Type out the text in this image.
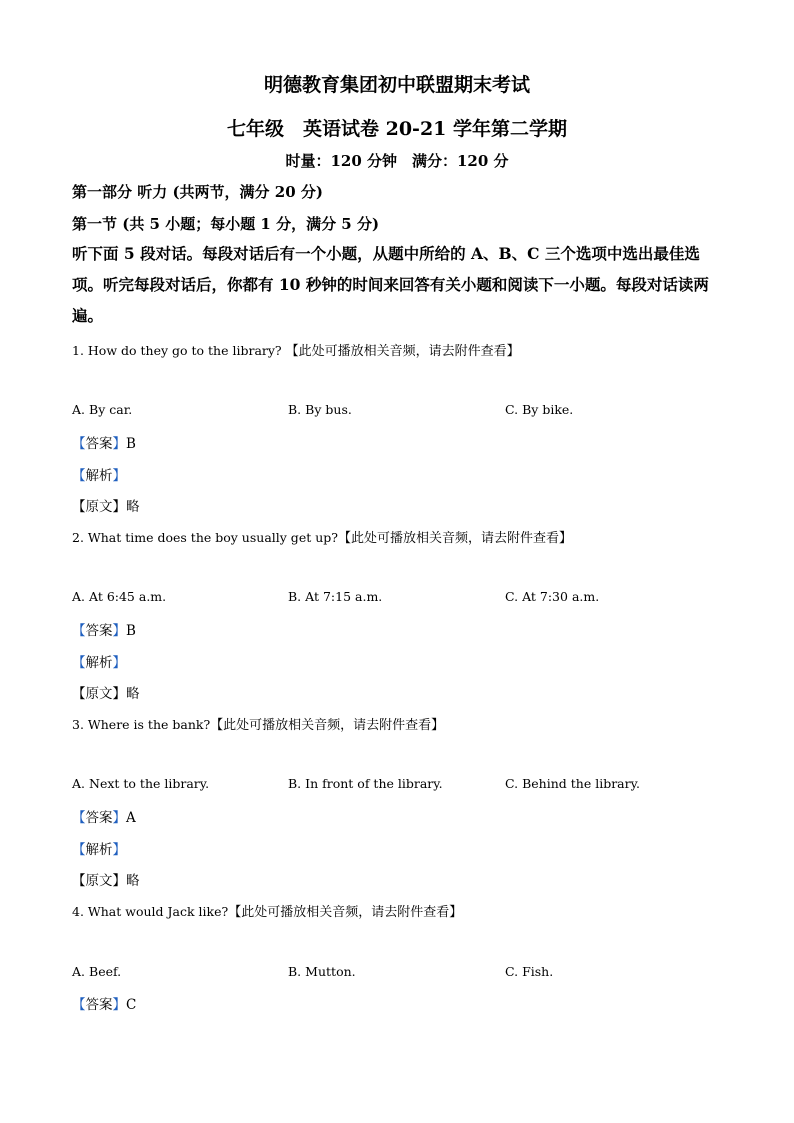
明德教育集团初中联盟期末考试
七年级　英语试卷 20-21 学年第二学期
时量：120 分钟　满分：120 分
第一部分 听力 (共两节，满分 20 分)
第一节 (共 5 小题；每小题 1 分，满分 5 分)
听下面 5 段对话。每段对话后有一个小题，从题中所给的 A、B、C 三个选项中选出最佳选项。听完每段对话后，你都有 10 秒钟的时间来回答有关小题和阅读下一小题。每段对话读两遍。
1. How do they go to the library? 【此处可播放相关音频，请去附件查看】
A. By car.	B. By bus.	C. By bike.
【答案】B
【解析】
【原文】略
2. What time does the boy usually get up?【此处可播放相关音频，请去附件查看】
A. At 6:45 a.m.	B. At 7:15 a.m.	C. At 7:30 a.m.
【答案】B
【解析】
【原文】略
3. Where is the bank?【此处可播放相关音频，请去附件查看】
A. Next to the library.	B. In front of the library.	C. Behind the library.
【答案】A
【解析】
【原文】略
4. What would Jack like?【此处可播放相关音频，请去附件查看】
A. Beef.	B. Mutton.	C. Fish.
【答案】C
